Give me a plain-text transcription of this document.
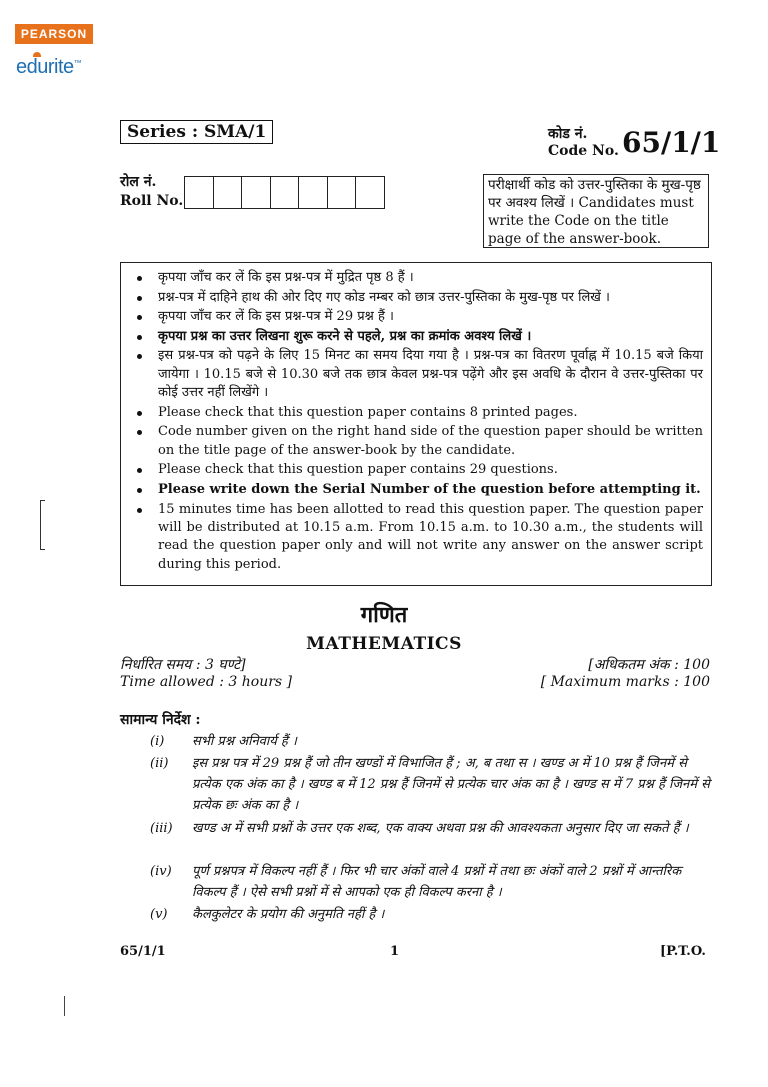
PEARSON
edurite™
Series : SMA/1	कोड नं.
Code No. 65/1/1
रोल नं.
Roll No.
परीक्षार्थी कोड को उत्तर-पुस्तिका के मुख-पृष्ठ पर अवश्य लिखें । Candidates must write the Code on the title page of the answer-book.
कृपया जाँच कर लें कि इस प्रश्न-पत्र में मुद्रित पृष्ठ 8 हैं ।
प्रश्न-पत्र में दाहिने हाथ की ओर दिए गए कोड नम्बर को छात्र उत्तर-पुस्तिका के मुख-पृष्ठ पर लिखें ।
कृपया जाँच कर लें कि इस प्रश्न-पत्र में 29 प्रश्न हैं ।
कृपया प्रश्न का उत्तर लिखना शुरू करने से पहले, प्रश्न का क्रमांक अवश्य लिखें ।
इस प्रश्न-पत्र को पढ़ने के लिए 15 मिनट का समय दिया गया है । प्रश्न-पत्र का वितरण पूर्वाह्न में 10.15 बजे किया जायेगा । 10.15 बजे से 10.30 बजे तक छात्र केवल प्रश्न-पत्र पढ़ेंगे और इस अवधि के दौरान वे उत्तर-पुस्तिका पर कोई उत्तर नहीं लिखेंगे ।
Please check that this question paper contains 8 printed pages.
Code number given on the right hand side of the question paper should be written on the title page of the answer-book by the candidate.
Please check that this question paper contains 29 questions.
Please write down the Serial Number of the question before attempting it.
15 minutes time has been allotted to read this question paper. The question paper will be distributed at 10.15 a.m. From 10.15 a.m. to 10.30 a.m., the students will read the question paper only and will not write any answer on the answer script during this period.
गणित
MATHEMATICS
निर्धारित समय : 3 घण्टे]
Time allowed : 3 hours ]
[अधिकतम अंक : 100
[ Maximum marks : 100
सामान्य निर्देश :
(i) सभी प्रश्न अनिवार्य हैं ।
(ii) इस प्रश्न पत्र में 29 प्रश्न हैं जो तीन खण्डों में विभाजित हैं ; अ, ब तथा स । खण्ड अ में 10 प्रश्न हैं जिनमें से प्रत्येक एक अंक का है । खण्ड ब में 12 प्रश्न हैं जिनमें से प्रत्येक चार अंक का है । खण्ड स में 7 प्रश्न हैं जिनमें से प्रत्येक छः अंक का है ।
(iii) खण्ड अ में सभी प्रश्नों के उत्तर एक शब्द, एक वाक्य अथवा प्रश्न की आवश्यकता अनुसार दिए जा सकते हैं ।
(iv) पूर्ण प्रश्नपत्र में विकल्प नहीं हैं । फिर भी चार अंकों वाले 4 प्रश्नों में तथा छः अंकों वाले 2 प्रश्नों में आन्तरिक विकल्प हैं । ऐसे सभी प्रश्नों में से आपको एक ही विकल्प करना है ।
(v) कैलकुलेटर के प्रयोग की अनुमति नहीं है ।
65/1/1	1	[P.T.O.
